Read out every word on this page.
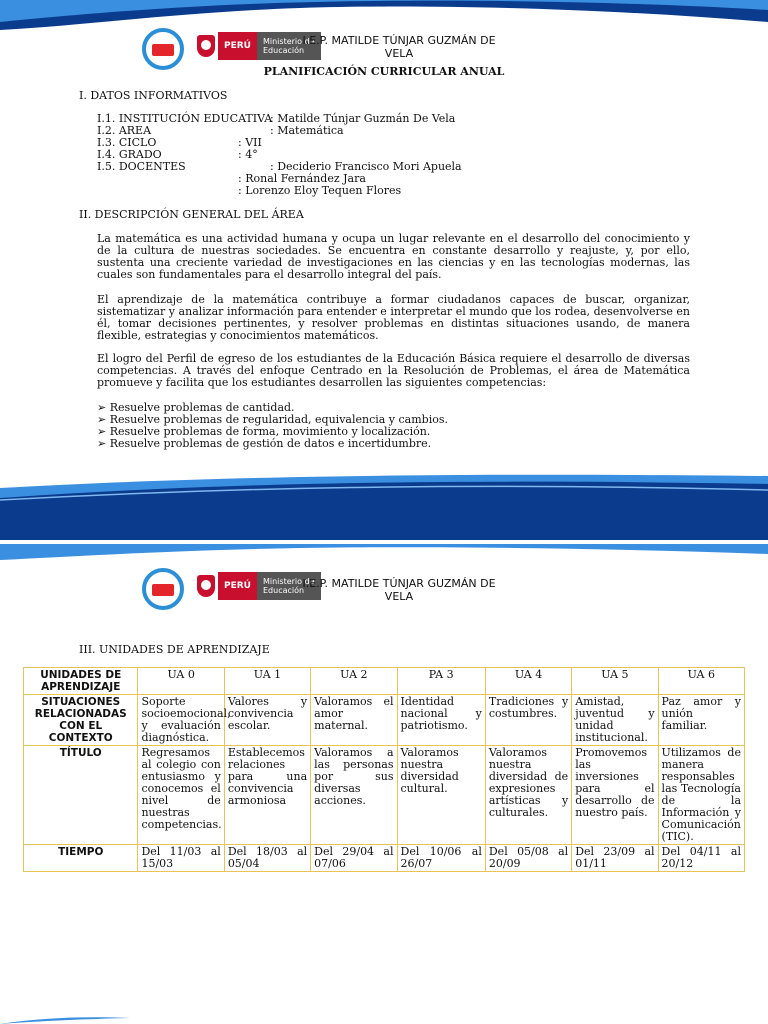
PERÚ	Ministerio de Educación
I.E.P. MATILDE TÚNJAR GUZMÁN DE VELA
PLANIFICACIÓN CURRICULAR ANUAL
I. DATOS INFORMATIVOS
I.1. INSTITUCIÓN EDUCATIVA
: Matilde Túnjar Guzmán De Vela
I.2. AREA	: Matemática
I.3. CICLO	: VII
I.4. GRADO	: 4°
I.5. DOCENTES	: Deciderio Francisco Mori Apuela
: Ronal Fernández Jara
: Lorenzo Eloy Tequen Flores
II. DESCRIPCIÓN GENERAL DEL ÁREA
La matemática es una actividad humana y ocupa un lugar relevante en el desarrollo del conocimiento y de la cultura de nuestras sociedades. Se encuentra en constante desarrollo y reajuste, y, por ello, sustenta una creciente variedad de investigaciones en las ciencias y en las tecnologías modernas, las cuales son fundamentales para el desarrollo integral del país.
El aprendizaje de la matemática contribuye a formar ciudadanos capaces de buscar, organizar, sistematizar y analizar información para entender e interpretar el mundo que los rodea, desenvolverse en él, tomar decisiones pertinentes, y resolver problemas en distintas situaciones usando, de manera flexible, estrategias y conocimientos matemáticos.
El logro del Perfil de egreso de los estudiantes de la Educación Básica requiere el desarrollo de diversas competencias. A través del enfoque Centrado en la Resolución de Problemas, el área de Matemática promueve y facilita que los estudiantes desarrollen las siguientes competencias:
➢ Resuelve problemas de cantidad.
➢ Resuelve problemas de regularidad, equivalencia y cambios.
➢ Resuelve problemas de forma, movimiento y localización.
➢ Resuelve problemas de gestión de datos e incertidumbre.
PERÚ	Ministerio de Educación
I.E.P. MATILDE TÚNJAR GUZMÁN DE VELA
III. UNIDADES DE APRENDIZAJE
UNIDADES DE APRENDIZAJE	UA 0	UA 1	UA 2	PA 3	UA 4	UA 5	UA 6
SITUACIONES RELACIONADAS CON EL CONTEXTO	Soporte socioemocional, y evaluación diagnóstica.	Valores y convivencia escolar.	Valoramos el amor maternal.	Identidad nacional y patriotismo.	Tradiciones y costumbres.	Amistad, juventud y unidad institucional.	Paz amor y unión familiar.
TÍTULO	Regresamos al colegio con entusiasmo y conocemos el nivel de nuestras competencias.	Establecemos relaciones para una convivencia armoniosa	Valoramos a las personas por sus diversas acciones.	Valoramos nuestra diversidad cultural.	Valoramos nuestra diversidad de expresiones artísticas y culturales.	Promovemos las inversiones para el desarrollo de nuestro país.	Utilizamos de manera responsables las Tecnología de la Información y Comunicación (TIC).
TIEMPO	Del 11/03 al 15/03	Del 18/03 al 05/04	Del 29/04 al 07/06	Del 10/06 al 26/07	Del 05/08 al 20/09	Del 23/09 al 01/11	Del 04/11 al 20/12
